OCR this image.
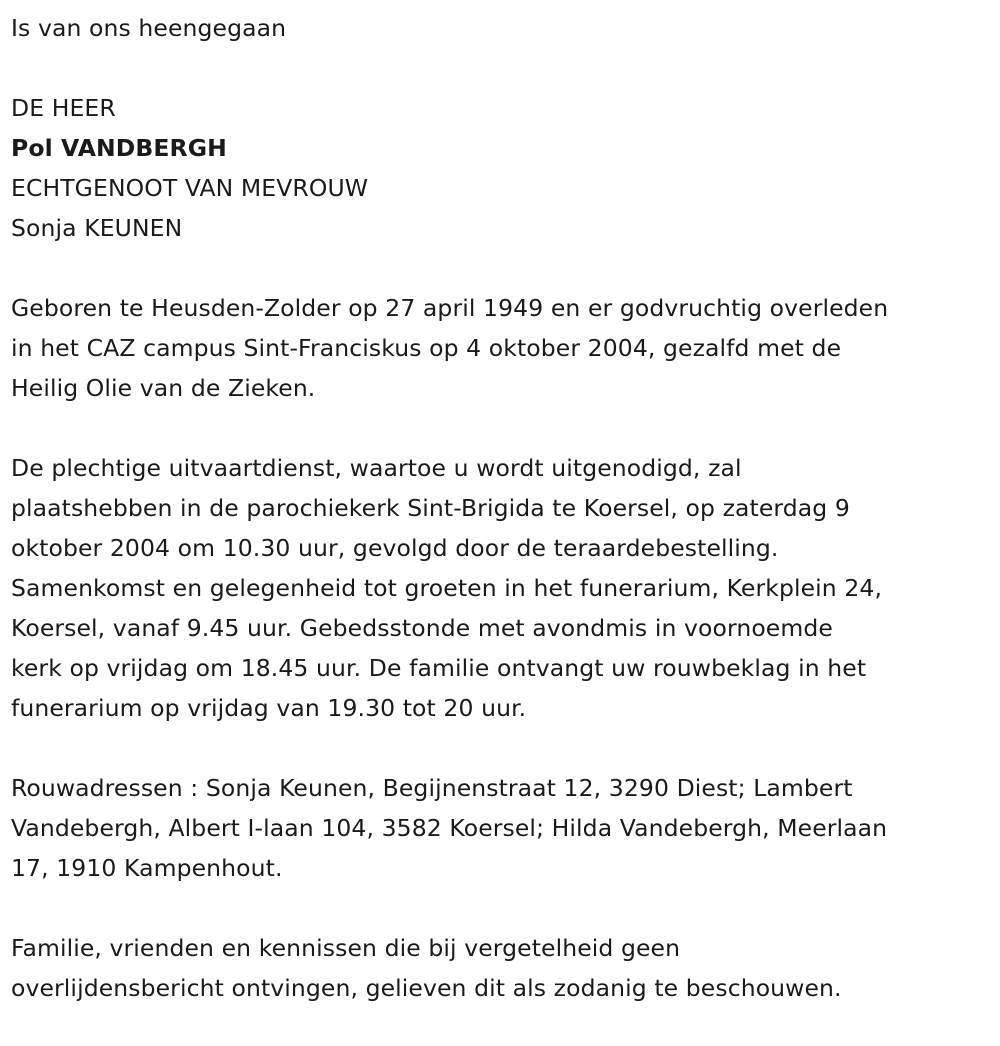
Is van ons heengegaan
DE HEER
Pol VANDBERGH
ECHTGENOOT VAN MEVROUW
Sonja KEUNEN
Geboren te Heusden-Zolder op 27 april 1949 en er godvruchtig overleden
in het CAZ campus Sint-Franciskus op 4 oktober 2004, gezalfd met de
Heilig Olie van de Zieken.
De plechtige uitvaartdienst, waartoe u wordt uitgenodigd, zal
plaatshebben in de parochiekerk Sint-Brigida te Koersel, op zaterdag 9
oktober 2004 om 10.30 uur, gevolgd door de teraardebestelling.
Samenkomst en gelegenheid tot groeten in het funerarium, Kerkplein 24,
Koersel, vanaf 9.45 uur. Gebedsstonde met avondmis in voornoemde
kerk op vrijdag om 18.45 uur. De familie ontvangt uw rouwbeklag in het
funerarium op vrijdag van 19.30 tot 20 uur.
Rouwadressen : Sonja Keunen, Begijnenstraat 12, 3290 Diest; Lambert
Vandebergh, Albert I-laan 104, 3582 Koersel; Hilda Vandebergh, Meerlaan
17, 1910 Kampenhout.
Familie, vrienden en kennissen die bij vergetelheid geen
overlijdensbericht ontvingen, gelieven dit als zodanig te beschouwen.
